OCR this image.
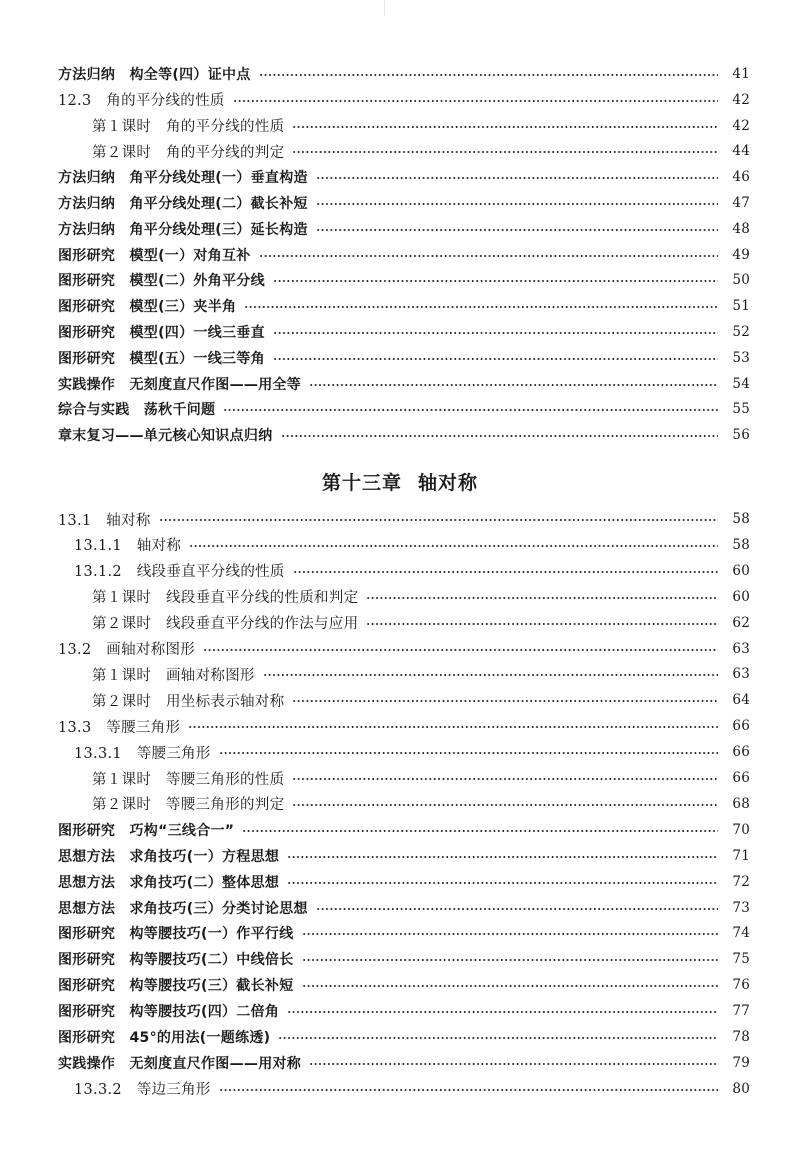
方法归纳　构全等(四）证中点	41
12.3　角的平分线的性质	42
第１课时　角的平分线的性质	42
第２课时　角的平分线的判定	44
方法归纳　角平分线处理(一）垂直构造	46
方法归纳　角平分线处理(二）截长补短	47
方法归纳　角平分线处理(三）延长构造	48
图形研究　模型(一）对角互补	49
图形研究　模型(二）外角平分线	50
图形研究　模型(三）夹半角	51
图形研究　模型(四）一线三垂直	52
图形研究　模型(五）一线三等角	53
实践操作　无刻度直尺作图——用全等	54
综合与实践　荡秋千问题	55
章末复习——单元核心知识点归纳	56
第十三章 轴对称
13.1　轴对称	58
13.1.1　轴对称	58
13.1.2　线段垂直平分线的性质	60
第１课时　线段垂直平分线的性质和判定	60
第２课时　线段垂直平分线的作法与应用	62
13.2　画轴对称图形	63
第１课时　画轴对称图形	63
第２课时　用坐标表示轴对称	64
13.3　等腰三角形	66
13.3.1　等腰三角形	66
第１课时　等腰三角形的性质	66
第２课时　等腰三角形的判定	68
图形研究　巧构“三线合一”	70
思想方法　求角技巧(一）方程思想	71
思想方法　求角技巧(二）整体思想	72
思想方法　求角技巧(三）分类讨论思想	73
图形研究　构等腰技巧(一）作平行线	74
图形研究　构等腰技巧(二）中线倍长	75
图形研究　构等腰技巧(三）截长补短	76
图形研究　构等腰技巧(四）二倍角	77
图形研究　45°的用法(一题练透)	78
实践操作　无刻度直尺作图——用对称	79
13.3.2　等边三角形	80
